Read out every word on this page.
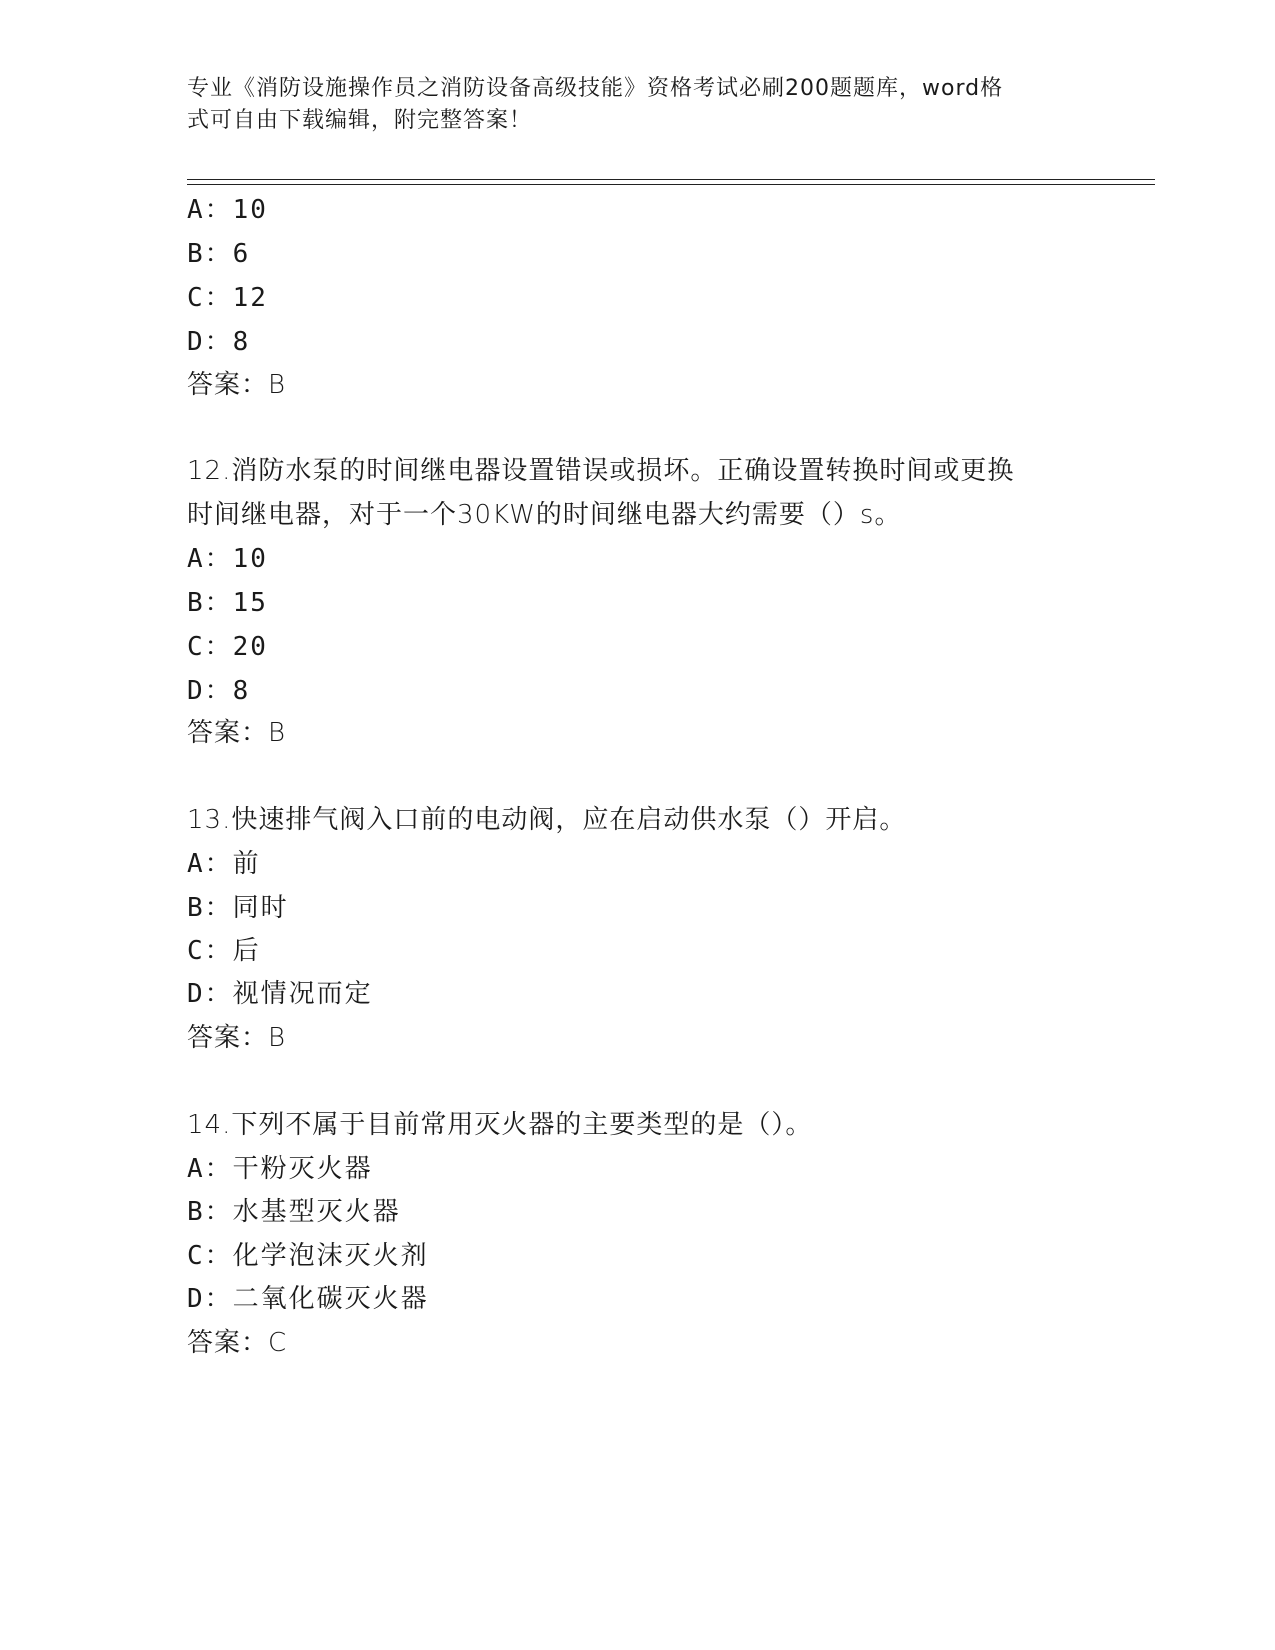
专业《消防设施操作员之消防设备高级技能》资格考试必刷200题题库，word格
式可自由下载编辑，附完整答案！
A：10
B：6
C：12
D：8
答案：B
12.消防水泵的时间继电器设置错误或损坏。正确设置转换时间或更换
时间继电器，对于一个30KW的时间继电器大约需要（）s。
A：10
B：15
C：20
D：8
答案：B
13.快速排气阀入口前的电动阀，应在启动供水泵（）开启。
A：前
B：同时
C：后
D：视情况而定
答案：B
14.下列不属于目前常用灭火器的主要类型的是（）。
A：干粉灭火器
B：水基型灭火器
C：化学泡沫灭火剂
D：二氧化碳灭火器
答案：C
